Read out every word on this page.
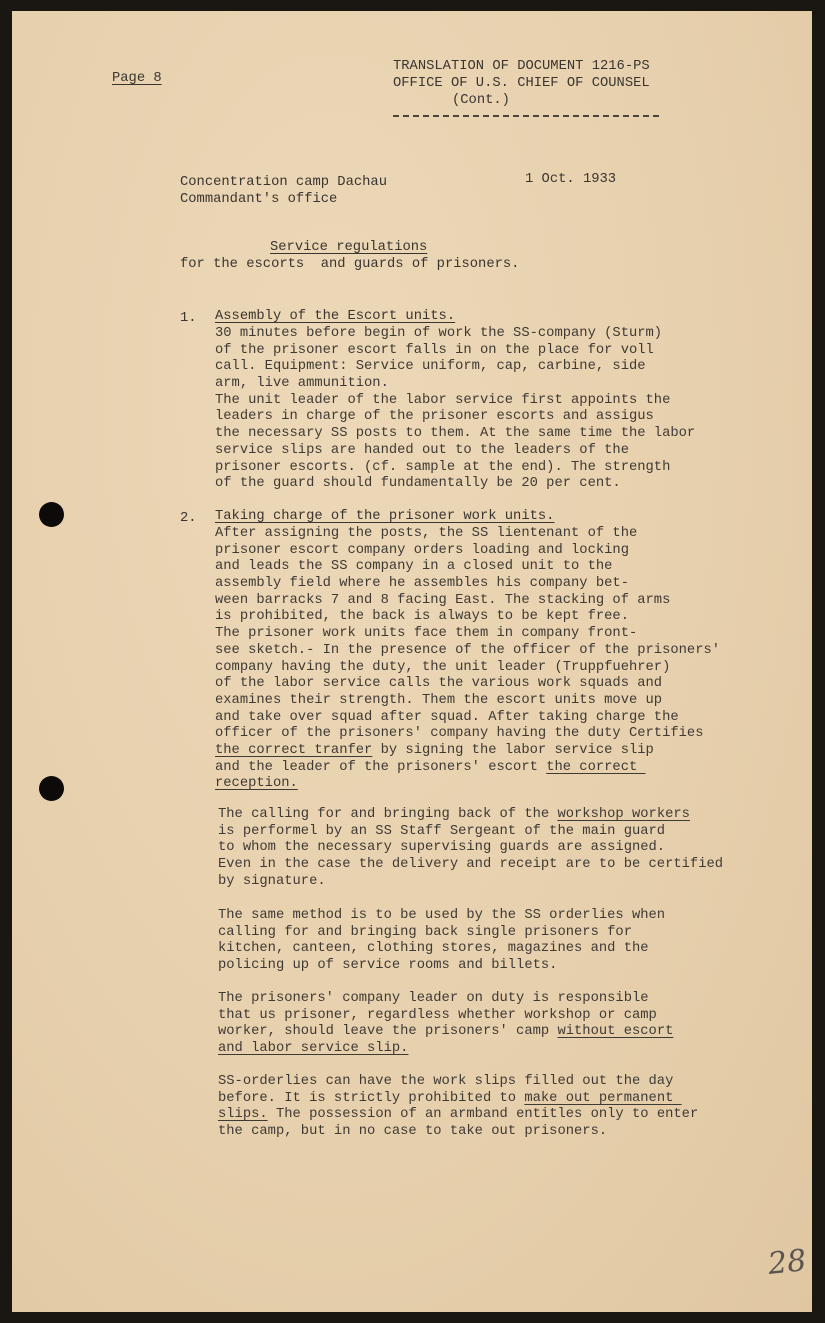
Page 8
TRANSLATION OF DOCUMENT 1216-PS
OFFICE OF U.S. CHIEF OF COUNSEL
(Cont.)
Concentration camp Dachau
Commandant's office
1 Oct. 1933
Service regulations
for the escorts  and guards of prisoners.
1. Assembly of the Escort units.
30 minutes before begin of work the SS-company (Sturm)
of the prisoner escort falls in on the place for voll
call. Equipment: Service uniform, cap, carbine, side
arm, live ammunition.
The unit leader of the labor service first appoints the
leaders in charge of the prisoner escorts and assigus
the necessary SS posts to them. At the same time the labor
service slips are handed out to the leaders of the
prisoner escorts. (cf. sample at the end). The strength
of the guard should fundamentally be 20 per cent.
2. Taking charge of the prisoner work units.
After assigning the posts, the SS lientenant of the
prisoner escort company orders loading and locking
and leads the SS company in a closed unit to the
assembly field where he assembles his company bet-
ween barracks 7 and 8 facing East. The stacking of arms
is prohibited, the back is always to be kept free.
The prisoner work units face them in company front-
see sketch.- In the presence of the officer of the prisoners'
company having the duty, the unit leader (Truppfuehrer)
of the labor service calls the various work squads and
examines their strength. Them the escort units move up
and take over squad after squad. After taking charge the
officer of the prisoners' company having the duty Certifies
the correct tranfer by signing the labor service slip
and the leader of the prisoners' escort the correct
reception.
The calling for and bringing back of the workshop workers
is performel by an SS Staff Sergeant of the main guard
to whom the necessary supervising guards are assigned.
Even in the case the delivery and receipt are to be certified
by signature.
The same method is to be used by the SS orderlies when
calling for and bringing back single prisoners for
kitchen, canteen, clothing stores, magazines and the
policing up of service rooms and billets.
The prisoners' company leader on duty is responsible
that us prisoner, regardless whether workshop or camp
worker, should leave the prisoners' camp without escort
and labor service slip.
SS-orderlies can have the work slips filled out the day
before. It is strictly prohibited to make out permanent
slips. The possession of an armband entitles only to enter
the camp, but in no case to take out prisoners.
28
